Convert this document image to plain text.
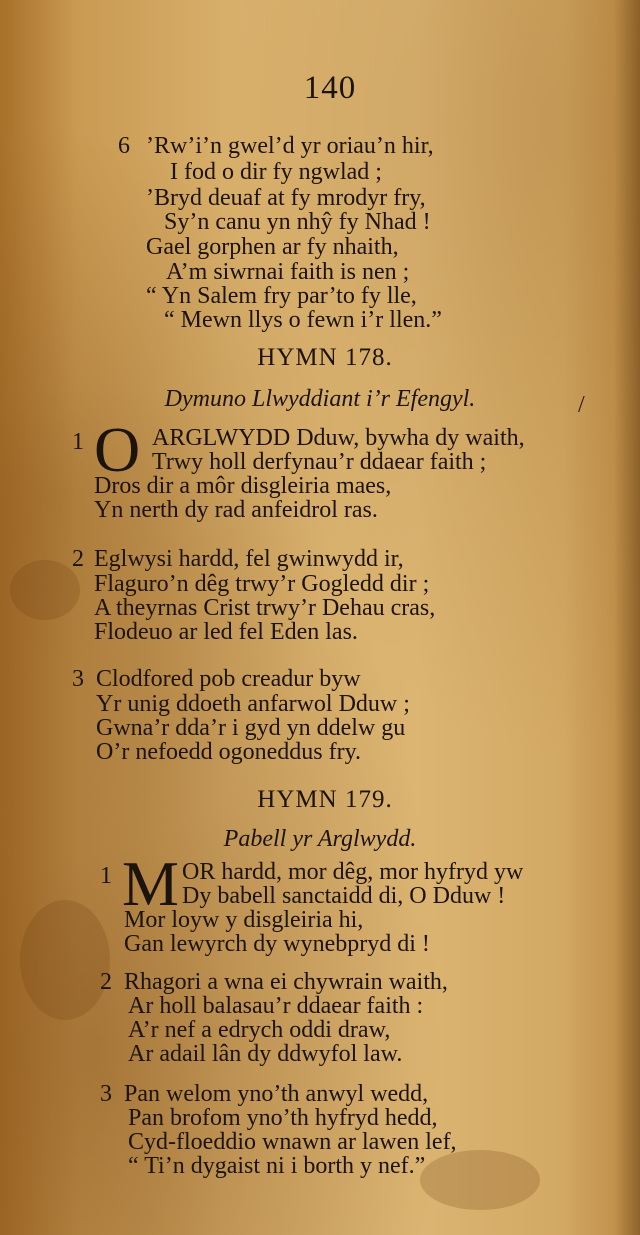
140
6 ’Rw’i’n gwel’d yr oriau’n hir,
I fod o dir fy ngwlad ;
’Bryd deuaf at fy mrodyr fry,
Sy’n canu yn nhŷ fy Nhad !
Gael gorphen ar fy nhaith,
A’m siwrnai faith is nen ;
“ Yn Salem fry par’to fy lle,
“ Mewn llys o fewn i’r llen.”
HYMN 178.
Dymuno Llwyddiant i’r Efengyl.	/
1 O ARGLWYDD Dduw, bywha dy waith,
Trwy holl derfynau’r ddaear faith ;
Dros dir a môr disgleiria maes,
Yn nerth dy rad anfeidrol ras.
2 Eglwysi hardd, fel gwinwydd ir,
Flaguro’n dêg trwy’r Gogledd dir ;
A theyrnas Crist trwy’r Dehau cras,
Flodeuo ar led fel Eden las.
3 Clodfored pob creadur byw
Yr unig ddoeth anfarwol Dduw ;
Gwna’r dda’r i gyd yn ddelw gu
O’r nefoedd ogoneddus fry.
HYMN 179.
Pabell yr Arglwydd.
1 M OR hardd, mor dêg, mor hyfryd yw
Dy babell sanctaidd di, O Dduw !
Mor loyw y disgleiria hi,
Gan lewyrch dy wynebpryd di !
2 Rhagori a wna ei chywrain waith,
Ar holl balasau’r ddaear faith :
A’r nef a edrych oddi draw,
Ar adail lân dy ddwyfol law.
3 Pan welom yno’th anwyl wedd,
Pan brofom yno’th hyfryd hedd,
Cyd-floeddio wnawn ar lawen lef,
“ Ti’n dygaist ni i borth y nef.”
